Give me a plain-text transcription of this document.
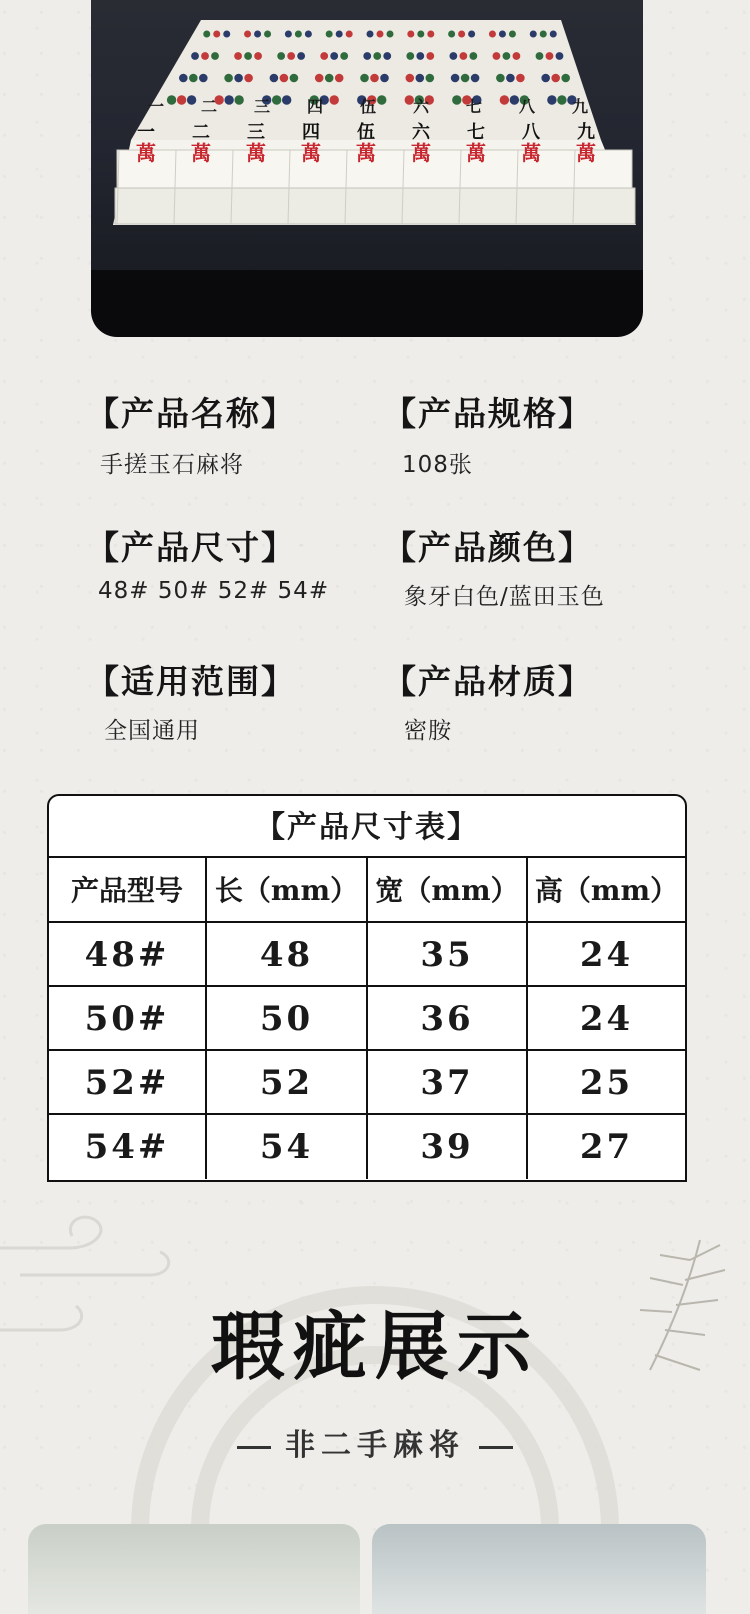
一
一
萬
二
二
萬
三
三
萬
四
四
萬
伍
伍
萬
六
六
萬
七
七
萬
八
八
萬
九
九
萬
【产品名称】
手搓玉石麻将
【产品规格】
108张
【产品尺寸】
48# 50# 52# 54#
【产品颜色】
象牙白色/蓝田玉色
【适用范围】
全国通用
【产品材质】
密胺
【产品尺寸表】
产品型号	长（mm） 宽（mm） 高（mm）
48#	48	35	24
50#	50	36	24
52#	52	37	25
54#	54	39	27
瑕疵展示
非二手麻将
